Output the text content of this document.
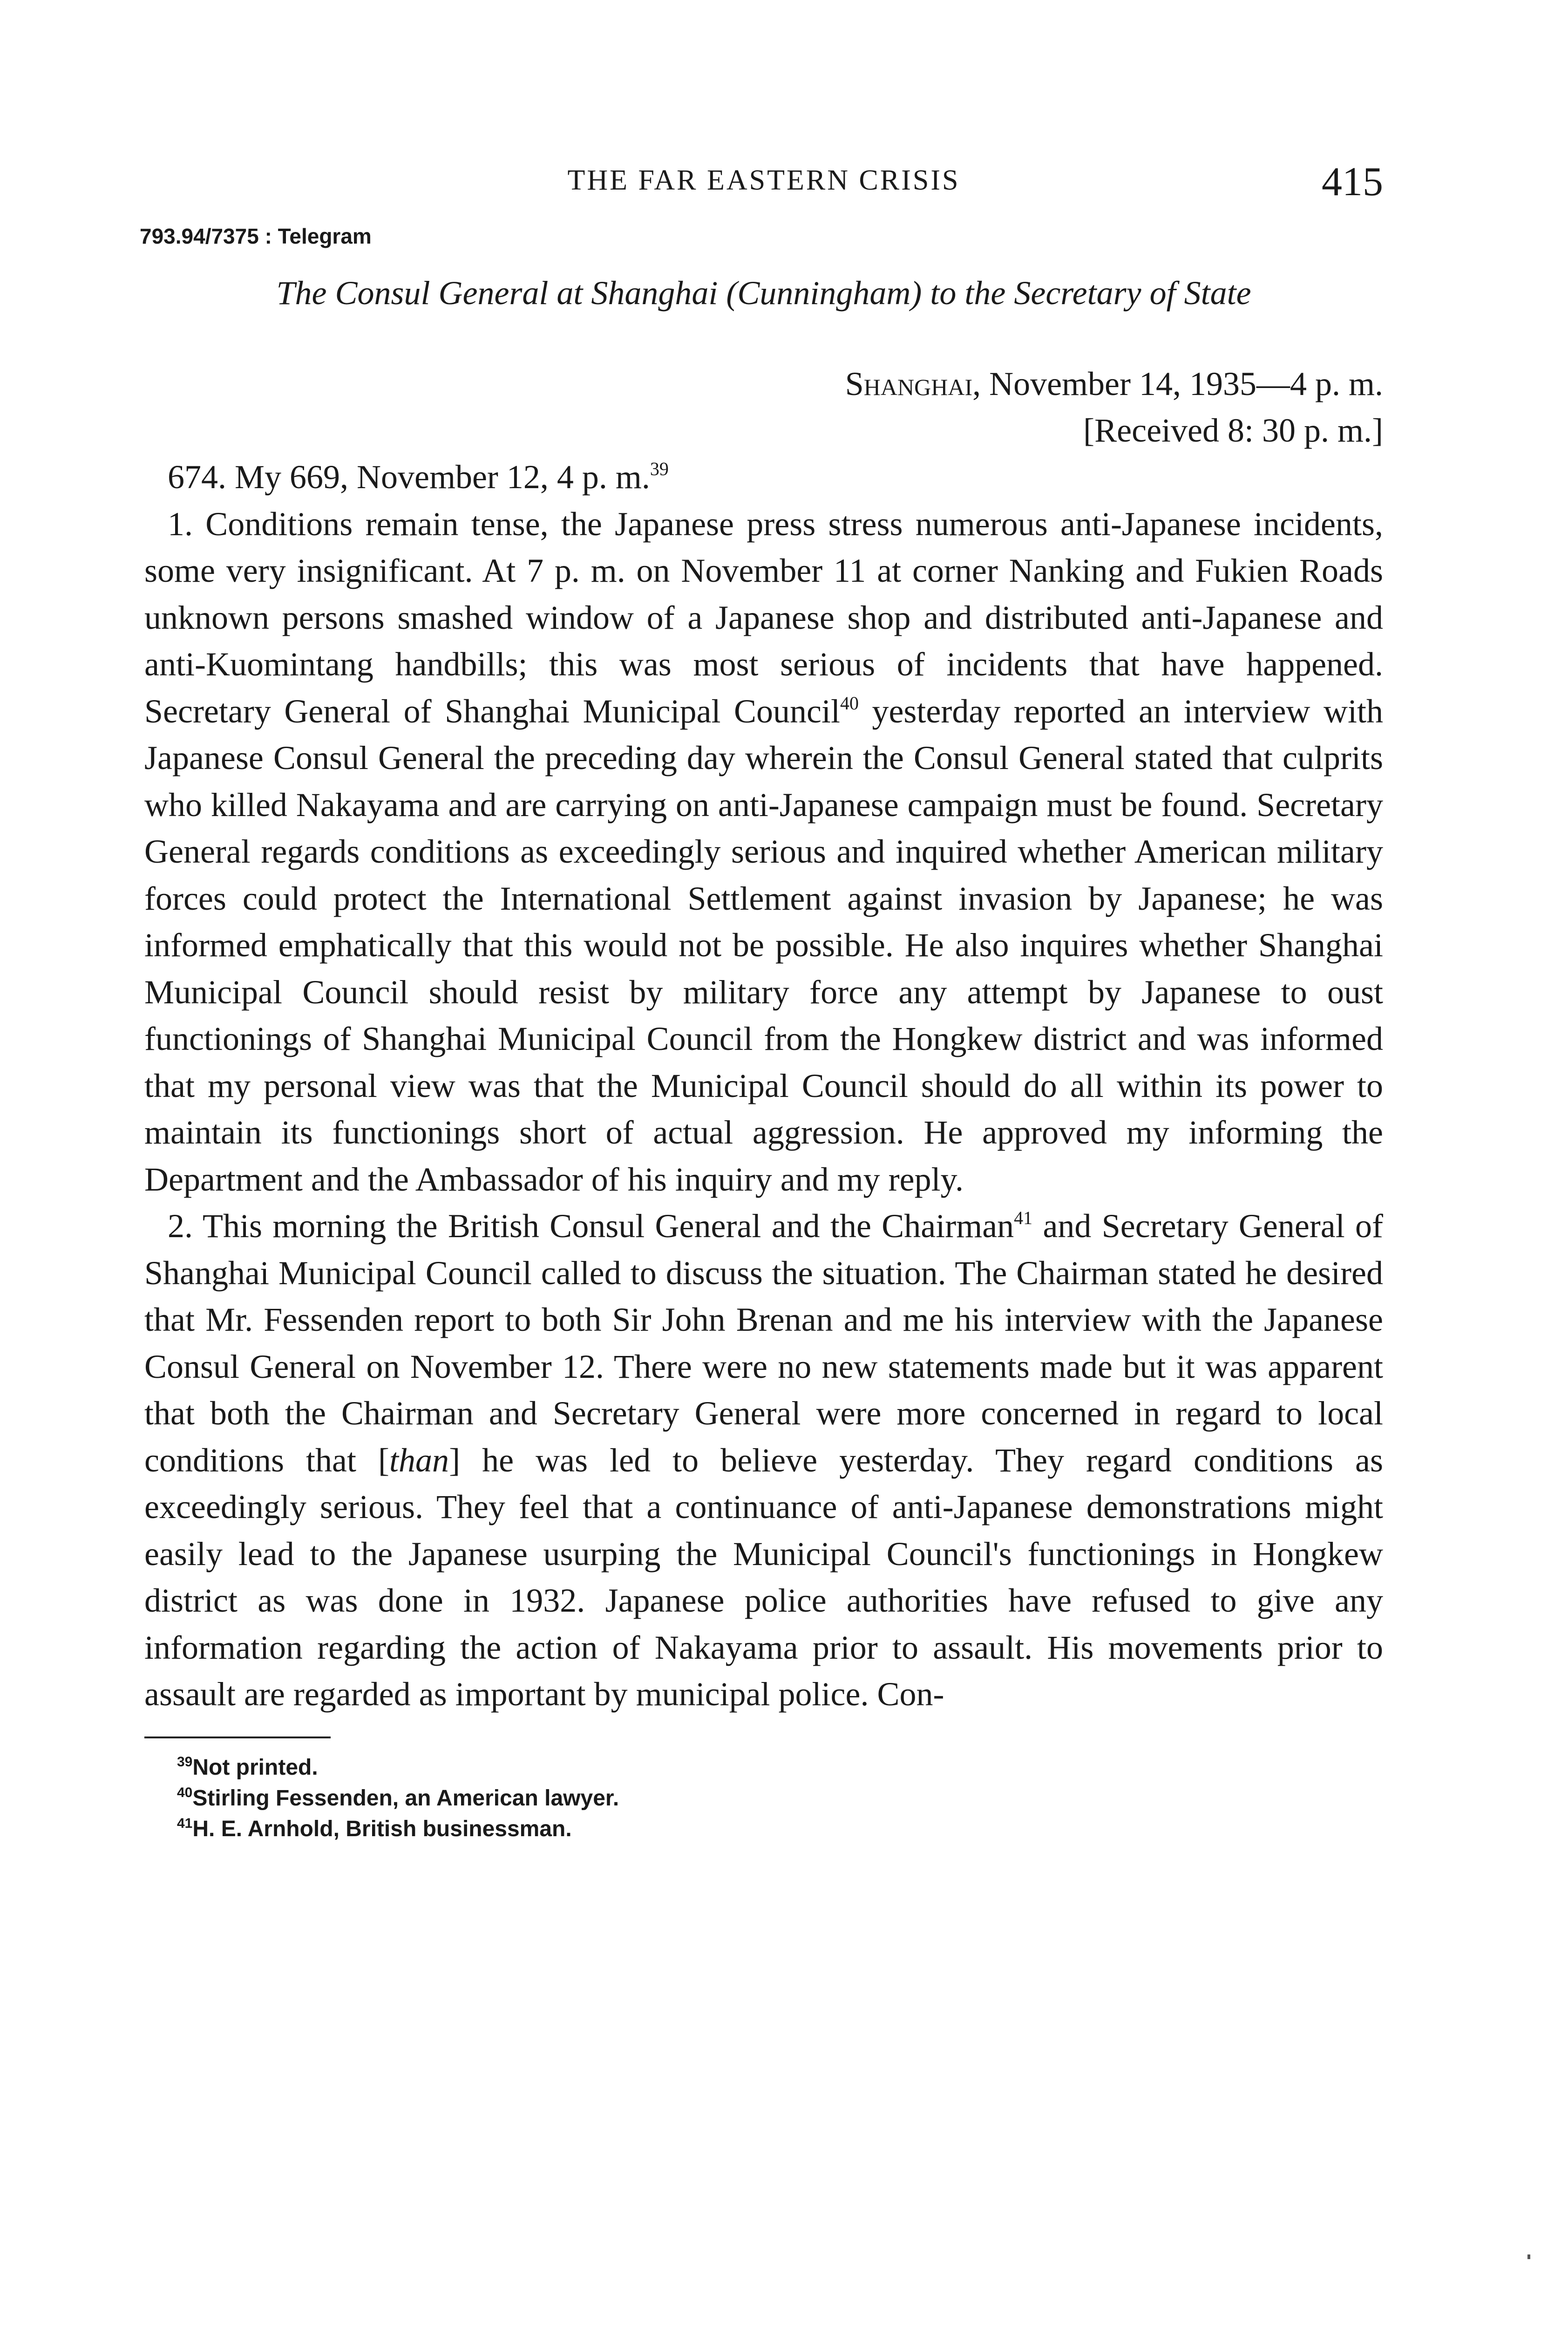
THE FAR EASTERN CRISIS	415
793.94/7375 : Telegram
The Consul General at Shanghai (Cunningham) to the Secretary of State
Shanghai, November 14, 1935—4 p. m.
[Received 8: 30 p. m.]

674. My 669, November 12, 4 p. m.$^{39}$

1. Conditions remain tense, the Japanese press stress numerous anti-Japanese incidents, some very insignificant. At 7 p. m. on November 11 at corner Nanking and Fukien Roads unknown persons smashed window of a Japanese shop and distributed anti-Japanese and anti-Kuomintang handbills; this was most serious of incidents that have happened. Secretary General of Shanghai Municipal Council$^{40}$ yesterday reported an interview with Japanese Consul General the preceding day wherein the Consul General stated that culprits who killed Nakayama and are carrying on anti-Japanese campaign must be found. Secretary General regards conditions as exceedingly serious and inquired whether American military forces could protect the International Settlement against invasion by Japanese; he was informed emphatically that this would not be possible. He also inquires whether Shanghai Municipal Council should resist by military force any attempt by Japanese to oust functionings of Shanghai Municipal Council from the Hongkew district and was informed that my personal view was that the Municipal Council should do all within its power to maintain its functionings short of actual aggression. He approved my informing the Department and the Ambassador of his inquiry and my reply.

2. This morning the British Consul General and the Chairman$^{41}$ and Secretary General of Shanghai Municipal Council called to discuss the situation. The Chairman stated he desired that Mr. Fessenden report to both Sir John Brenan and me his interview with the Japanese Consul General on November 12. There were no new statements made but it was apparent that both the Chairman and Secretary General were more concerned in regard to local conditions that [than] he was led to believe yesterday. They regard conditions as exceedingly serious. They feel that a continuance of anti-Japanese demonstrations might easily lead to the Japanese usurping the Municipal Council's functionings in Hongkew district as was done in 1932. Japanese police authorities have refused to give any information regarding the action of Nakayama prior to assault. His movements prior to assault are regarded as important by municipal police. Con-

$^{39}$Not printed.
$^{40}$Stirling Fessenden, an American lawyer.
$^{41}$H. E. Arnhold, British businessman.
